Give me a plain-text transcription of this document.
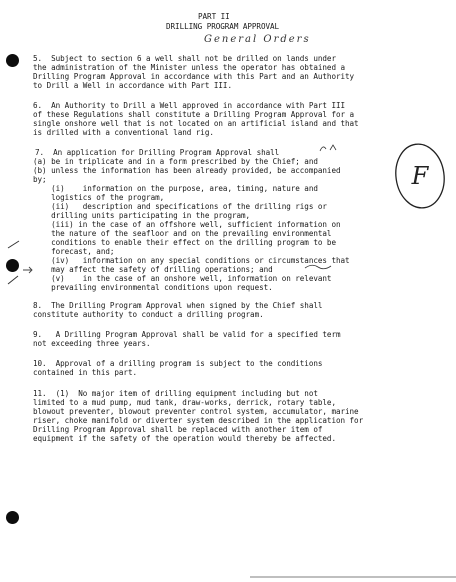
PART II
DRILLING PROGRAM APPROVAL
General Orders
5.  Subject to section 6 a well shall not be drilled on lands under
the administration of the Minister unless the operator has obtained a
Drilling Program Approval in accordance with this Part and an Authority
to Drill a Well in accordance with Part III.
6.  An Authority to Drill a Well approved in accordance with Part III
of these Regulations shall constitute a Drilling Program Approval for a
single onshore well that is not located on an artificial island and that
is drilled with a conventional land rig.
7.  An application for Drilling Program Approval shall
(a) be in triplicate and in a form prescribed by the Chief; and
(b) unless the information has been already provided, be accompanied
by;
(i)    information on the purpose, area, timing, nature and
logistics of the program,
(ii)   description and specifications of the drilling rigs or
drilling units participating in the program,
(iii) in the case of an offshore well, sufficient information on
the nature of the seafloor and on the prevailing environmental
conditions to enable their effect on the drilling program to be
forecast, and;
(iv)   information on any special conditions or circumstances that
may affect the safety of drilling operations; and
(v)    in the case of an onshore well, information on relevant
prevailing environmental conditions upon request.
8.  The Drilling Program Approval when signed by the Chief shall
constitute authority to conduct a drilling program.
9.   A Drilling Program Approval shall be valid for a specified term
not exceeding three years.
10.  Approval of a drilling program is subject to the conditions
contained in this part.
11.  (1)  No major item of drilling equipment including but not
limited to a mud pump, mud tank, draw-works, derrick, rotary table,
blowout preventer, blowout preventer control system, accumulator, marine
riser, choke manifold or diverter system described in the application for
Drilling Program Approval shall be replaced with another item of
equipment if the safety of the operation would thereby be affected.
F
